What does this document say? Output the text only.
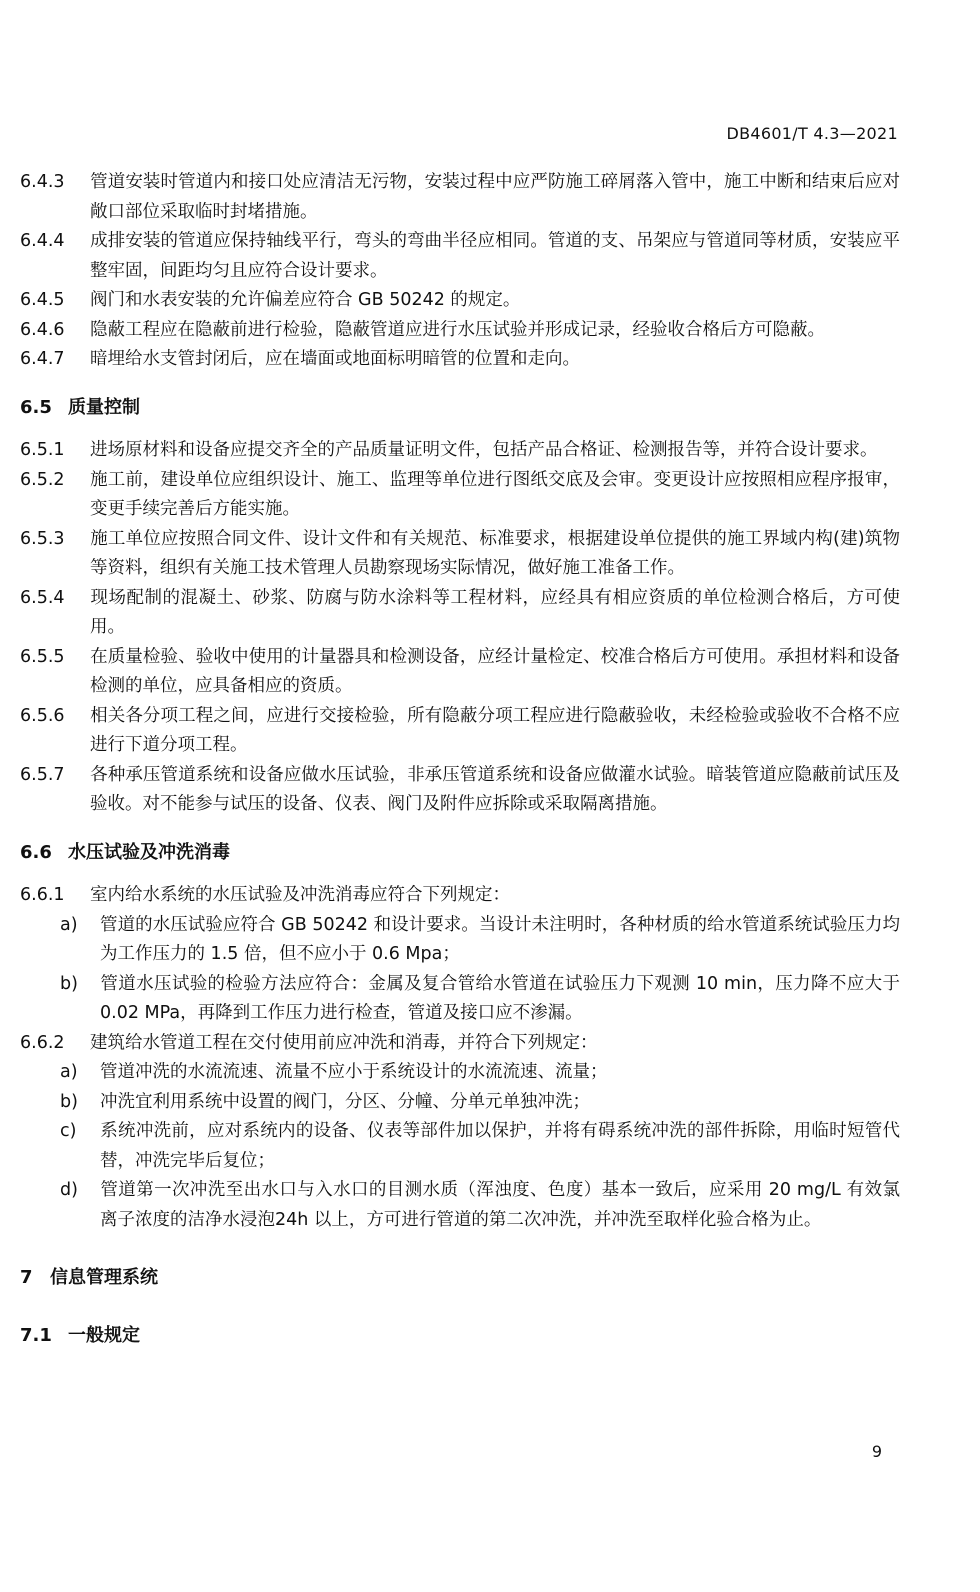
DB4601/T 4.3—2021

6.4.3 管道安装时管道内和接口处应清洁无污物，安装过程中应严防施工碎屑落入管中，施工中断和结束后应对敞口部位采取临时封堵措施。

6.4.4 成排安装的管道应保持轴线平行，弯头的弯曲半径应相同。管道的支、吊架应与管道同等材质，安装应平整牢固，间距均匀且应符合设计要求。

6.4.5 阀门和水表安装的允许偏差应符合 GB 50242 的规定。

6.4.6 隐蔽工程应在隐蔽前进行检验，隐蔽管道应进行水压试验并形成记录，经验收合格后方可隐蔽。

6.4.7 暗埋给水支管封闭后，应在墙面或地面标明暗管的位置和走向。

6.5 质量控制

6.5.1 进场原材料和设备应提交齐全的产品质量证明文件，包括产品合格证、检测报告等，并符合设计要求。

6.5.2 施工前，建设单位应组织设计、施工、监理等单位进行图纸交底及会审。变更设计应按照相应程序报审，变更手续完善后方能实施。

6.5.3 施工单位应按照合同文件、设计文件和有关规范、标准要求，根据建设单位提供的施工界域内构(建)筑物等资料，组织有关施工技术管理人员勘察现场实际情况，做好施工准备工作。

6.5.4 现场配制的混凝土、砂浆、防腐与防水涂料等工程材料，应经具有相应资质的单位检测合格后，方可使用。

6.5.5 在质量检验、验收中使用的计量器具和检测设备，应经计量检定、校准合格后方可使用。承担材料和设备检测的单位，应具备相应的资质。

6.5.6 相关各分项工程之间，应进行交接检验，所有隐蔽分项工程应进行隐蔽验收，未经检验或验收不合格不应进行下道分项工程。

6.5.7 各种承压管道系统和设备应做水压试验，非承压管道系统和设备应做灌水试验。暗装管道应隐蔽前试压及验收。对不能参与试压的设备、仪表、阀门及附件应拆除或采取隔离措施。

6.6 水压试验及冲洗消毒

6.6.1 室内给水系统的水压试验及冲洗消毒应符合下列规定：

a) 管道的水压试验应符合 GB 50242 和设计要求。当设计未注明时，各种材质的给水管道系统试验压力均为工作压力的 1.5 倍，但不应小于 0.6 Mpa；

b) 管道水压试验的检验方法应符合：金属及复合管给水管道在试验压力下观测 10 min，压力降不应大于 0.02 MPa，再降到工作压力进行检查，管道及接口应不渗漏。

6.6.2 建筑给水管道工程在交付使用前应冲洗和消毒，并符合下列规定：

a) 管道冲洗的水流流速、流量不应小于系统设计的水流流速、流量；

b) 冲洗宜利用系统中设置的阀门，分区、分幢、分单元单独冲洗；

c) 系统冲洗前，应对系统内的设备、仪表等部件加以保护，并将有碍系统冲洗的部件拆除，用临时短管代替，冲洗完毕后复位；

d) 管道第一次冲洗至出水口与入水口的目测水质（浑浊度、色度）基本一致后，应采用 20 mg/L 有效氯离子浓度的洁净水浸泡24h 以上，方可进行管道的第二次冲洗，并冲洗至取样化验合格为止。

7 信息管理系统

7.1 一般规定

9
